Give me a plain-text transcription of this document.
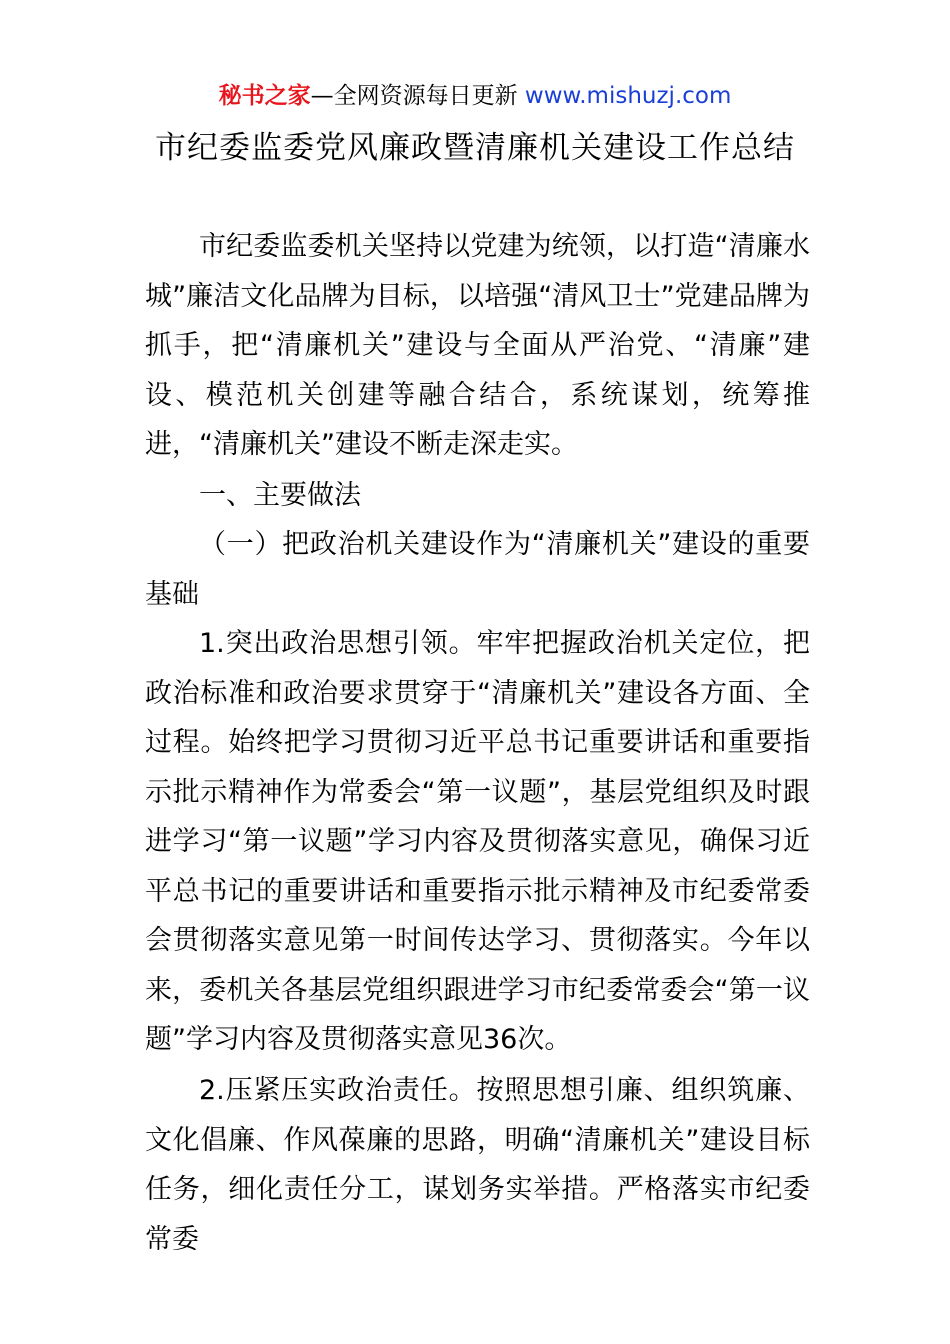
秘书之家—全网资源每日更新 www.mishuzj.com
市纪委监委党风廉政暨清廉机关建设工作总结

市纪委监委机关坚持以党建为统领，以打造“清廉水城”廉洁文化品牌为目标，以培强“清风卫士”党建品牌为抓手，把“清廉机关”建设与全面从严治党、“清廉”建设、模范机关创建等融合结合，系统谋划，统筹推进，“清廉机关”建设不断走深走实。

一、主要做法

（一）把政治机关建设作为“清廉机关”建设的重要基础

1.突出政治思想引领。牢牢把握政治机关定位，把政治标准和政治要求贯穿于“清廉机关”建设各方面、全过程。始终把学习贯彻习近平总书记重要讲话和重要指示批示精神作为常委会“第一议题”，基层党组织及时跟进学习“第一议题”学习内容及贯彻落实意见，确保习近平总书记的重要讲话和重要指示批示精神及市纪委常委会贯彻落实意见第一时间传达学习、贯彻落实。今年以来，委机关各基层党组织跟进学习市纪委常委会“第一议题”学习内容及贯彻落实意见36次。

2.压紧压实政治责任。按照思想引廉、组织筑廉、文化倡廉、作风葆廉的思路，明确“清廉机关”建设目标任务，细化责任分工，谋划务实举措。严格落实市纪委常委
